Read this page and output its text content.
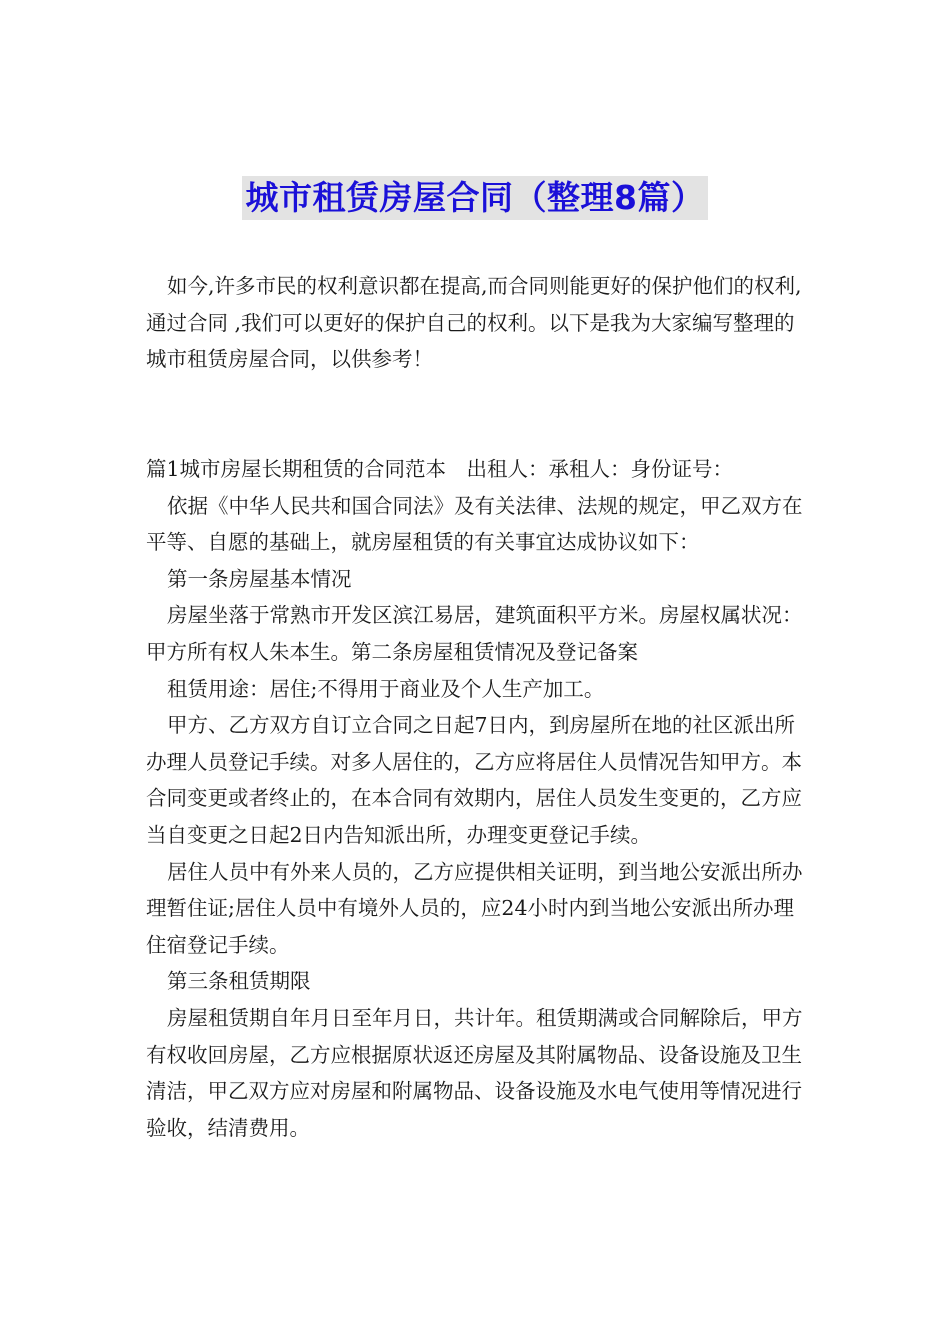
城市租赁房屋合同（整理8篇）

如今,许多市民的权利意识都在提高,而合同则能更好的保护他们的权利,通过合同 ,我们可以更好的保护自己的权利。以下是我为大家编写整理的城市租赁房屋合同，以供参考！

篇1城市房屋长期租赁的合同范本　出租人：承租人：身份证号：

依据《中华人民共和国合同法》及有关法律、法规的规定，甲乙双方在平等、自愿的基础上，就房屋租赁的有关事宜达成协议如下：

第一条房屋基本情况

房屋坐落于常熟市开发区滨江易居，建筑面积平方米。房屋权属状况：甲方所有权人朱本生。第二条房屋租赁情况及登记备案

租赁用途：居住;不得用于商业及个人生产加工。

甲方、乙方双方自订立合同之日起7日内，到房屋所在地的社区派出所办理人员登记手续。对多人居住的，乙方应将居住人员情况告知甲方。本合同变更或者终止的，在本合同有效期内，居住人员发生变更的，乙方应当自变更之日起2日内告知派出所，办理变更登记手续。

居住人员中有外来人员的，乙方应提供相关证明，到当地公安派出所办理暂住证;居住人员中有境外人员的，应24小时内到当地公安派出所办理住宿登记手续。

第三条租赁期限

房屋租赁期自年月日至年月日，共计年。租赁期满或合同解除后，甲方有权收回房屋，乙方应根据原状返还房屋及其附属物品、设备设施及卫生清洁，甲乙双方应对房屋和附属物品、设备设施及水电气使用等情况进行验收，结清费用。
